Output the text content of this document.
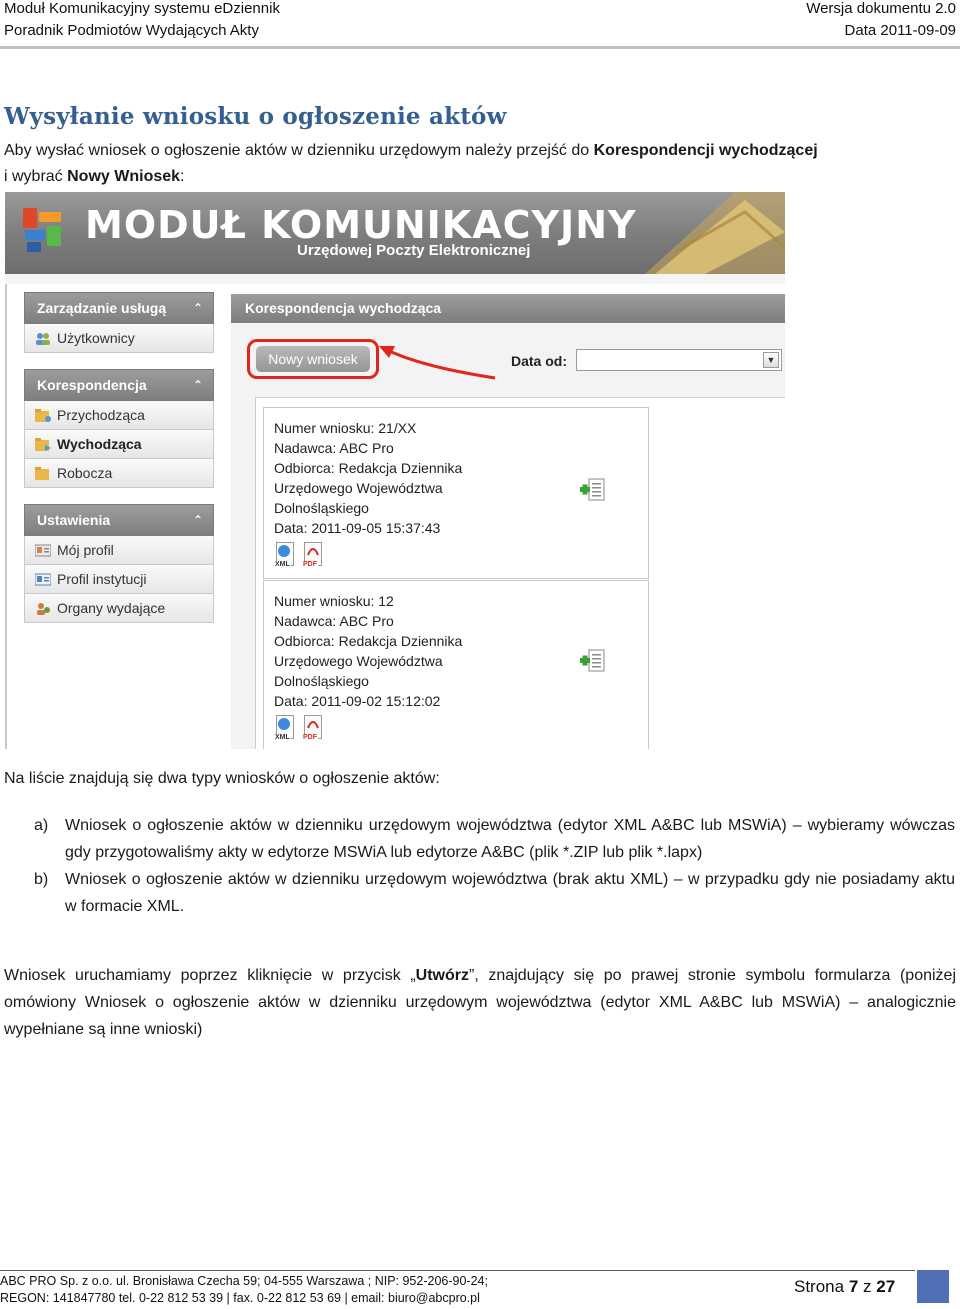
Moduł Komunikacyjny systemu eDziennik
Poradnik Podmiotów Wydających Akty
Wersja dokumentu 2.0
Data 2011-09-09
Wysyłanie wniosku o ogłoszenie aktów
Aby wysłać wniosek o ogłoszenie aktów w dzienniku urzędowym należy przejść do Korespondencji wychodzącej
i wybrać Nowy Wniosek:
MODUŁ KOMUNIKACYJNY
Urzędowej Poczty Elektronicznej
Zarządzanie usługą ⌃
Użytkownicy
Korespondencja	⌃
Przychodząca
Wychodząca
Robocza
Ustawienia	⌃
Mój profil
Profil instytucji
Organy wydające
Korespondencja wychodząca
Nowy wniosek	Data od:	▼
Numer wniosku: 21/XX
Nadawca: ABC Pro
Odbiorca: Redakcja Dziennika
Urzędowego Województwa
Dolnośląskiego
Data: 2011-09-05 15:37:43
XML PDF
Numer wniosku: 12
Nadawca: ABC Pro
Odbiorca: Redakcja Dziennika
Urzędowego Województwa
Dolnośląskiego
Data: 2011-09-02 15:12:02
XML PDF
Na liście znajdują się dwa typy wniosków o ogłoszenie aktów:
a) Wniosek o ogłoszenie aktów w dzienniku urzędowym województwa (edytor XML A&BC lub MSWiA) – wybieramy wówczas gdy przygotowaliśmy akty w edytorze MSWiA lub edytorze A&BC (plik *.ZIP lub plik *.lapx)
b) Wniosek o ogłoszenie aktów w dzienniku urzędowym województwa (brak aktu XML) – w przypadku gdy nie posiadamy aktu w formacie XML.
Wniosek uruchamiamy poprzez kliknięcie w przycisk „Utwórz”, znajdujący się po prawej stronie symbolu formularza (poniżej omówiony Wniosek o ogłoszenie aktów w dzienniku urzędowym województwa (edytor XML A&BC lub MSWiA) – analogicznie wypełniane są inne wnioski)
ABC PRO Sp. z o.o. ul. Bronisława Czecha 59; 04-555 Warszawa ; NIP: 952-206-90-24;
REGON: 141847780 tel. 0-22 812 53 39 | fax. 0-22 812 53 69 | email: biuro@abcpro.pl
Strona 7 z 27
